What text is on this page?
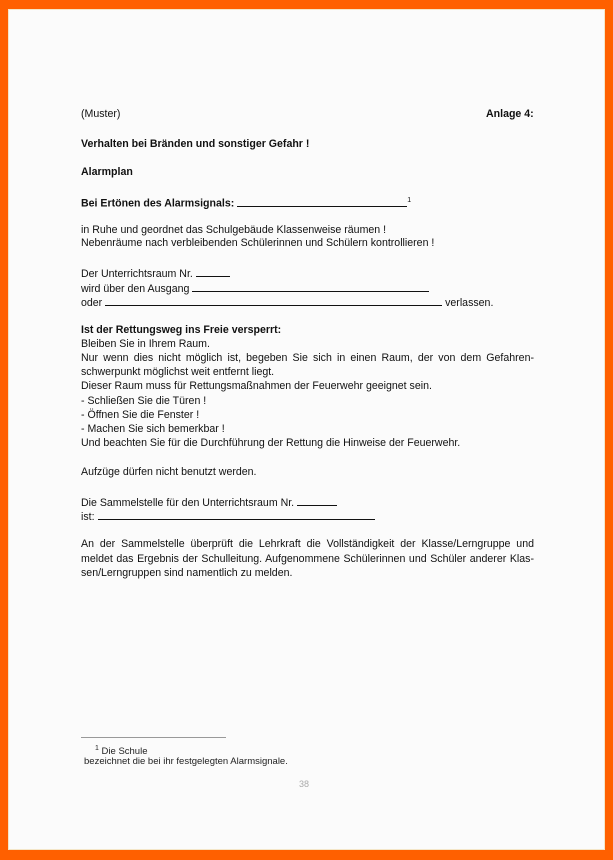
(Muster)	Anlage 4:
Verhalten bei Bränden und sonstiger Gefahr !
Alarmplan
Bei Ertönen des Alarmsignals:	$^1$
in Ruhe und geordnet das Schulgebäude Klassenweise räumen !
Nebenräume nach verbleibenden Schülerinnen und Schülern kontrollieren !
Der Unterrichtsraum Nr.
wird über den Ausgang
oder	verlassen.
Ist der Rettungsweg ins Freie versperrt:
Bleiben Sie in Ihrem Raum.
Nur wenn dies nicht möglich ist, begeben Sie sich in einen Raum, der von dem Gefahren-
schwerpunkt möglichst weit entfernt liegt.
Dieser Raum muss für Rettungsmaßnahmen der Feuerwehr geeignet sein.
- Schließen Sie die Türen !
- Öffnen Sie die Fenster !
- Machen Sie sich bemerkbar !
Und beachten Sie für die Durchführung der Rettung die Hinweise der Feuerwehr.
Aufzüge dürfen nicht benutzt werden.
Die Sammelstelle für den Unterrichtsraum Nr.
ist:
An der Sammelstelle überprüft die Lehrkraft die Vollständigkeit der Klasse/Lerngruppe und
meldet das Ergebnis der Schulleitung. Aufgenommene Schülerinnen und Schüler anderer Klas-
sen/Lerngruppen sind namentlich zu melden.
$^1$ Die Schule
bezeichnet die bei ihr festgelegten Alarmsignale.
38
